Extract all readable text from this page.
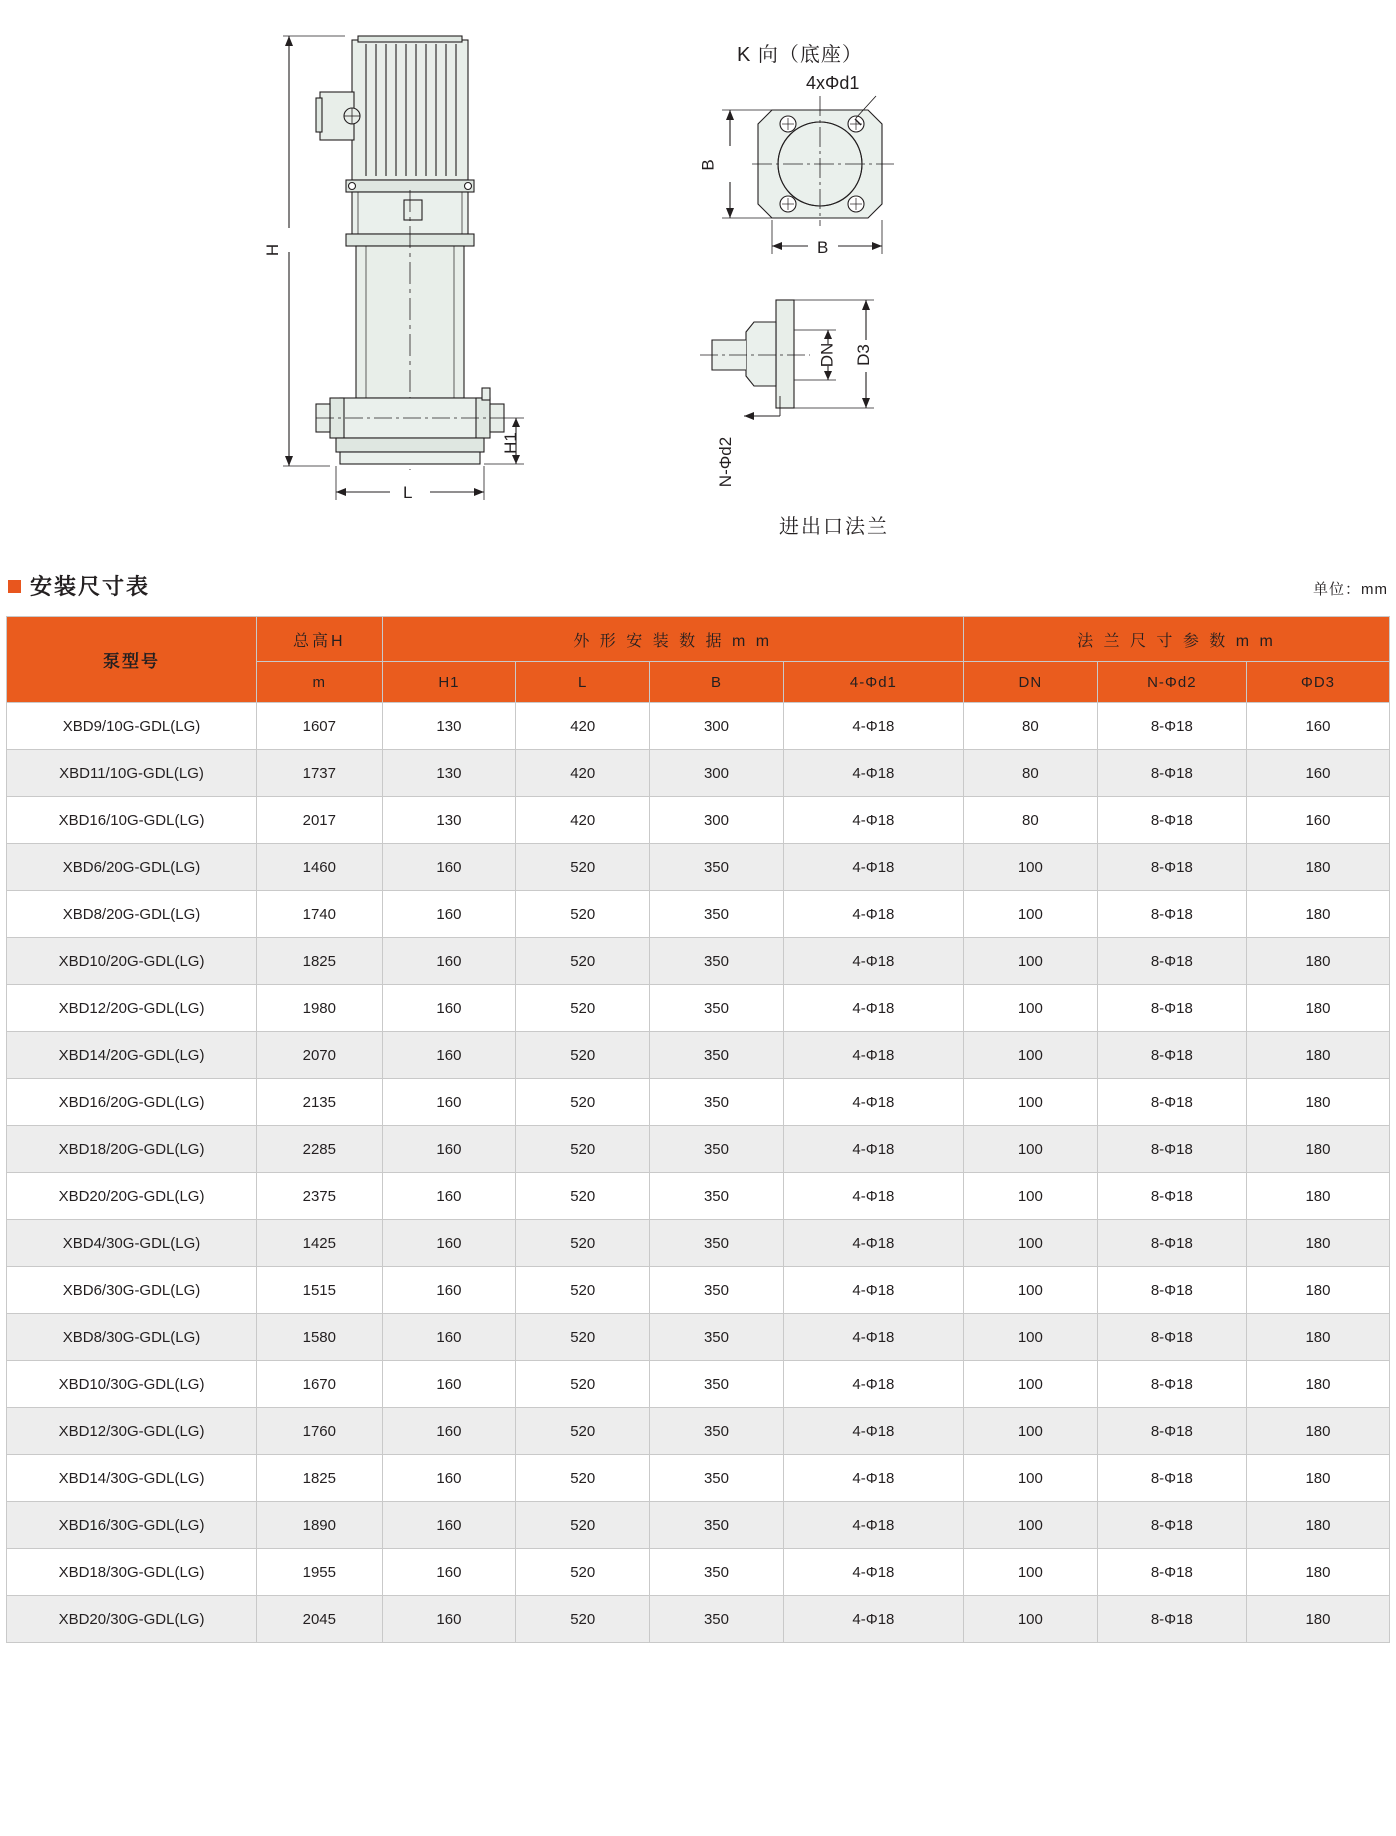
H
H1
L
K 向（底座）
4xΦd1
B
B
DN D3
N-Φd2
进出口法兰
安装尺寸表	单位：mm
泵型号	总高H	外 形 安 装 数 据 m m				法 兰 尺 寸 参 数 m m		
	m	H1	L	B	4-Φd1	DN	N-Φd2	ΦD3
XBD9/10G-GDL(LG)	1607	130	420	300	4-Φ18	80	8-Φ18	160
XBD11/10G-GDL(LG)	1737	130	420	300	4-Φ18	80	8-Φ18	160
XBD16/10G-GDL(LG)	2017	130	420	300	4-Φ18	80	8-Φ18	160
XBD6/20G-GDL(LG)	1460	160	520	350	4-Φ18	100	8-Φ18	180
XBD8/20G-GDL(LG)	1740	160	520	350	4-Φ18	100	8-Φ18	180
XBD10/20G-GDL(LG)	1825	160	520	350	4-Φ18	100	8-Φ18	180
XBD12/20G-GDL(LG)	1980	160	520	350	4-Φ18	100	8-Φ18	180
XBD14/20G-GDL(LG)	2070	160	520	350	4-Φ18	100	8-Φ18	180
XBD16/20G-GDL(LG)	2135	160	520	350	4-Φ18	100	8-Φ18	180
XBD18/20G-GDL(LG)	2285	160	520	350	4-Φ18	100	8-Φ18	180
XBD20/20G-GDL(LG)	2375	160	520	350	4-Φ18	100	8-Φ18	180
XBD4/30G-GDL(LG)	1425	160	520	350	4-Φ18	100	8-Φ18	180
XBD6/30G-GDL(LG)	1515	160	520	350	4-Φ18	100	8-Φ18	180
XBD8/30G-GDL(LG)	1580	160	520	350	4-Φ18	100	8-Φ18	180
XBD10/30G-GDL(LG)	1670	160	520	350	4-Φ18	100	8-Φ18	180
XBD12/30G-GDL(LG)	1760	160	520	350	4-Φ18	100	8-Φ18	180
XBD14/30G-GDL(LG)	1825	160	520	350	4-Φ18	100	8-Φ18	180
XBD16/30G-GDL(LG)	1890	160	520	350	4-Φ18	100	8-Φ18	180
XBD18/30G-GDL(LG)	1955	160	520	350	4-Φ18	100	8-Φ18	180
XBD20/30G-GDL(LG)	2045	160	520	350	4-Φ18	100	8-Φ18	180
